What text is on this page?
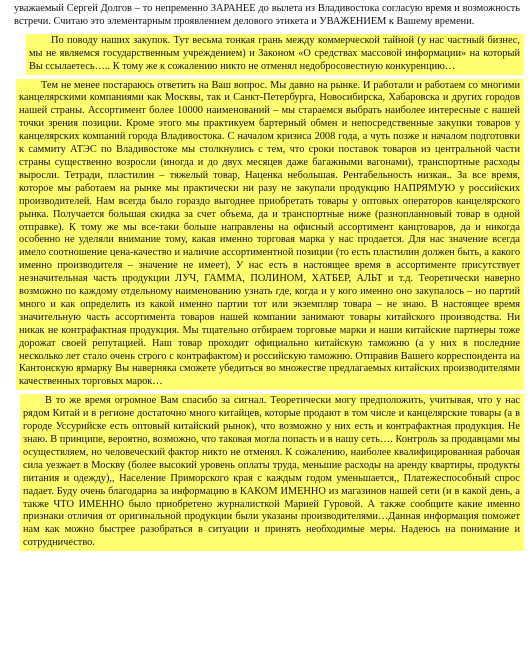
уважаемый Сергей Долгов – то непременно ЗАРАНЕЕ до вылета из Владивостока согласую время и возможность встречи. Считаю это элементарным проявлением делового этикета и УВАЖЕНИЕМ к Вашему времени.

По поводу наших закупок. Тут весьма тонкая грань между коммерческой тайной (у нас частный бизнес, мы не являемся государственным учреждением) и Законом «О средствах массовой информации» на который Вы ссылаетесь….. К тому же к сожалению никто не отменял недобросовестную конкуренцию…

Тем не менее постараюсь ответить на Ваш вопрос. Мы давно на рынке. И работали и работаем со многими канцелярскими компаниями как Москвы, так и Санкт-Петербурга, Новосибирска, Хабаровска и других городов нашей страны. Ассортимент более 10000 наименований – мы стараемся выбрать наиболее интересные с нашей точки зрения позиции. Кроме этого мы практикуем бартерный обмен и непосредственные закупки товаров у канцелярских компаний города Владивостока. С началом кризиса 2008 года, а чуть позже и началом подготовки к саммиту АТЭС по Владивостоке мы столкнулись с тем, что сроки поставок товаров из центральной части страны существенно возросли (иногда и до двух месяцев даже багажными вагонами), транспортные расходы выросли. Тетради, пластилин – тяжелый товар, Наценка небольшая. Рентабельность низкая.. За все время, которое мы работаем на рынке мы практически ни разу не закупали продукцию НАПРЯМУЮ у российских производителей. Нам всегда было гораздо выгоднее приобретать товары у оптовых операторов канцелярского рынка. Получается большая скидка за счет объема, да и транспортные ниже (разнопланновый товар в одной отправке). К тому же мы все-таки больше направлены на офисный ассортимент канцтоваров, да и никогда особенно не уделяли внимание тому, какая именно торговая марка у нас продается. Для нас значение всегда имело соотношение цена-качество и наличие ассортиментной позиции (то есть пластилин должен быть, а какого именно производителя – значение не имеет), У нас есть в настоящее время в ассортименте присутствует незначительная часть продукции ЛУЧ, ГАММА, ПОЛИНОМ, ХАТБЕР, АЛЬТ и т.д. Теоретически наверно возможно по каждому отдельному наименованию узнать где, когда и у кого именно оно закупалось – но партий много и как определить из какой именно партии тот или экземпляр товара – не знаю. В настоящее время значительную часть ассортимента товаров нашей компании занимают товары китайского производства. Ни никак не контрафактная продукция. Мы тщательно отбираем торговые марки и наши китайские партнеры тоже дорожат своей репутацией. Наш товар проходит официально китайскую таможню (а у них в последние несколько лет стало очень строго с контрафактом) и российскую таможню. Отправив Вашего корреспондента на Кантонскую ярмарку Вы наверняка сможете убедиться во множестве предлагаемых китайских производителями качественных торговых марок…

В то же время огромное Вам спасибо за сигнал. Теоретически могу предположить, учитывая, что у нас рядом Китай и в регионе достаточно много китайцев, которые продают в том числе и канцелярские товары (а в городе Уссурийске есть оптовый китайский рынок), что возможно у них есть и контрафактная продукция. Не знаю. В принципе, вероятно, возможно, что таковая могла попасть и в нашу сеть…. Контроль за продавцами мы осуществляем, но человеческий фактор никто не отменял. К сожалению, наиболее квалифицированная рабочая сила уезжает в Москву (более высокий уровень оплаты труда, меньшие расходы на аренду квартиры, продукты питания и одежду),, Население Приморского края с каждым годом уменьшается,, Платежеспособный спрос падает. Буду очень благодарна за информацию в КАКОМ ИМЕННО из магазинов нашей сети (и в какой день, а также ЧТО ИМЕННО было приобретено журналисткой Марией Гуровой. А также сообщите какие именно признаки отличия от оригинальной продукции были указаны производителями…Данная информация поможет нам как можно быстрее разобраться в ситуации и принять необходимые меры. Надеюсь на понимание и сотрудничество.
